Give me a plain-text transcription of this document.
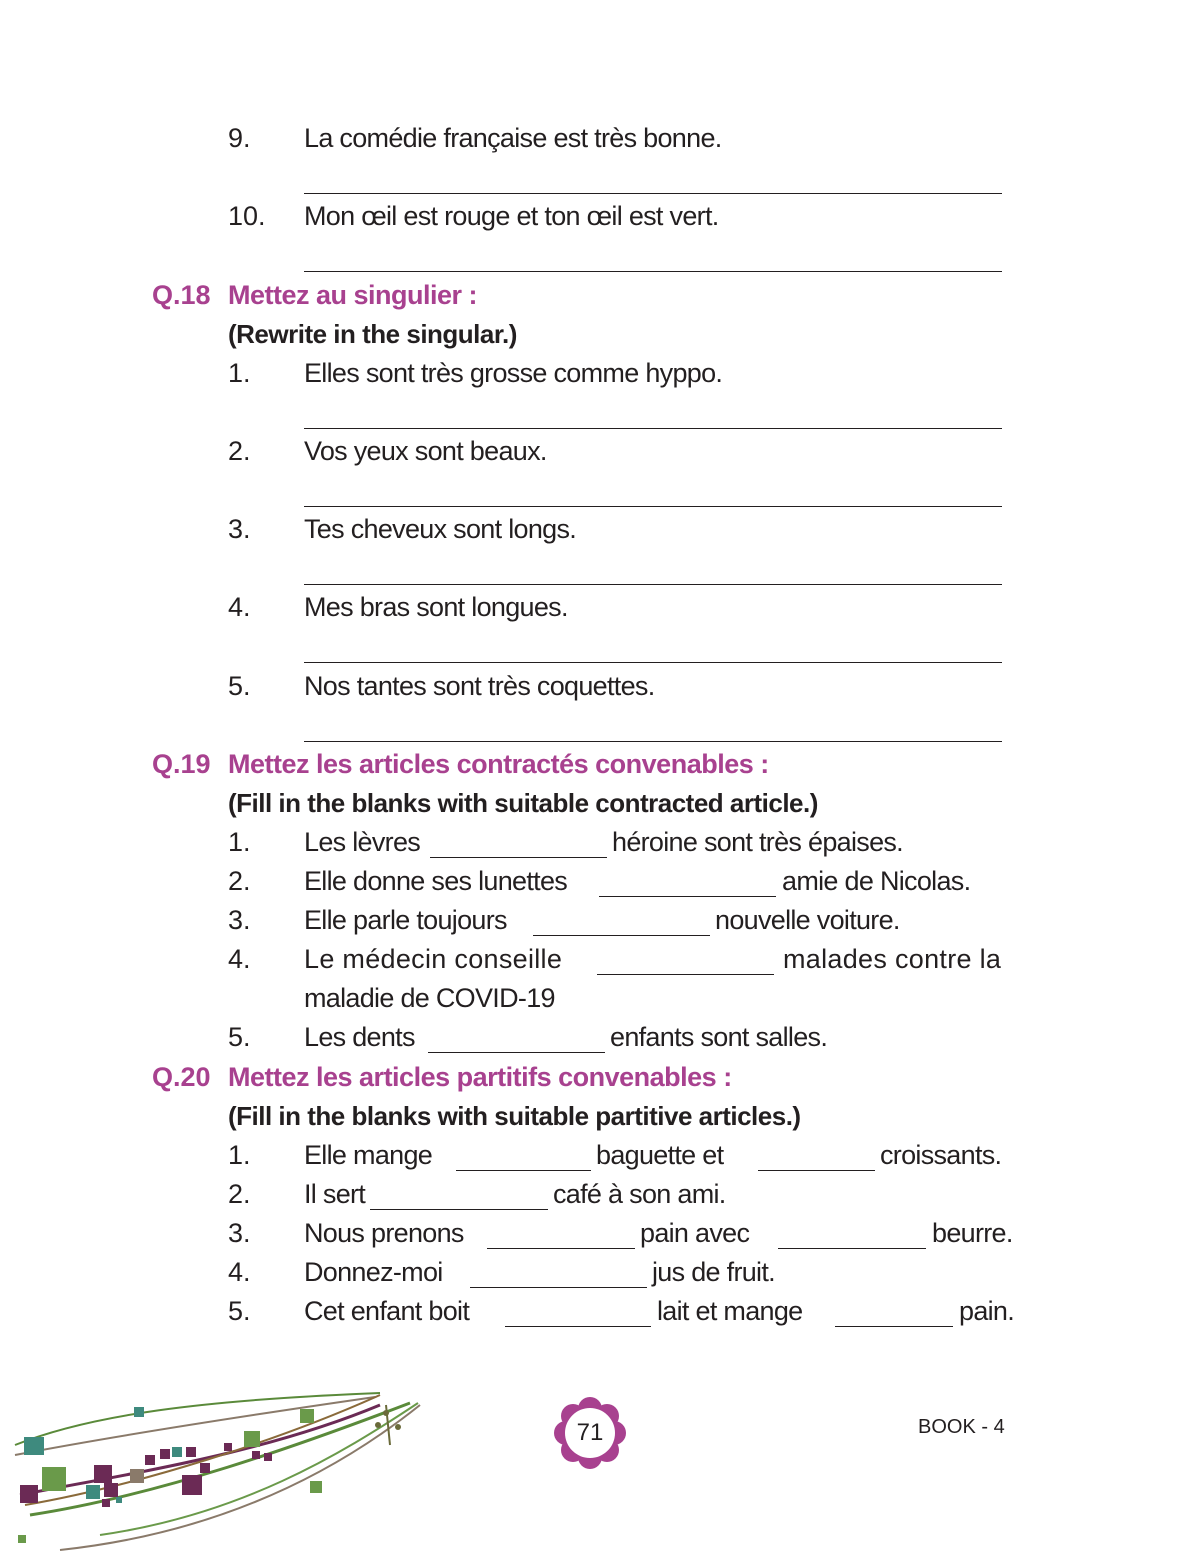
9. La comédie française est très bonne.
10. Mon œil est rouge et ton œil est vert.
Q.18 Mettez au singulier :
(Rewrite in the singular.)
1. Elles sont très grosse comme hyppo.
2. Vos yeux sont beaux.
3. Tes cheveux sont longs.
4. Mes bras sont longues.
5. Nos tantes sont très coquettes.
Q.19 Mettez les articles contractés convenables :
(Fill in the blanks with suitable contracted article.)
1. Les lèvres	héroine sont très épaises.
2. Elle donne ses lunettes	amie de Nicolas.
3. Elle parle toujours	nouvelle voiture.
4. Le médecin conseille	malades contre la
maladie de COVID-19
5. Les dents	enfants sont salles.
Q.20 Mettez les articles partitifs convenables :
(Fill in the blanks with suitable partitive articles.)
1. Elle mange	baguette et	croissants.
2. Il sert	café à son ami.
3. Nous prenons	pain avec	beurre.
4. Donnez-moi	jus de fruit.
5. Cet enfant boit	lait et mange	pain.
71	BOOK - 4
